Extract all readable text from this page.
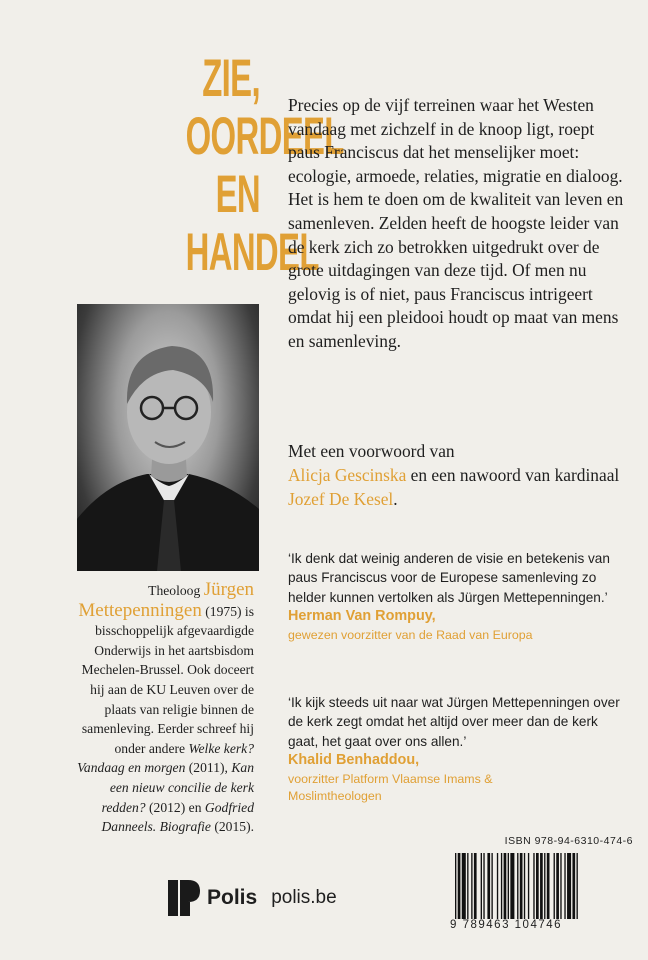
ZIE,
OORDEEL
EN
HANDEL
Theoloog Jürgen Mettepenningen (1975) is bisschoppelijk afgevaardigde Onderwijs in het aartsbisdom Mechelen-Brussel. Ook doceert hij aan de KU Leuven over de plaats van religie binnen de samenleving. Eerder schreef hij onder andere Welke kerk? Vandaag en morgen (2011), Kan een nieuw concilie de kerk redden? (2012) en Godfried Danneels. Biografie (2015).
Precies op de vijf terreinen waar het Westen vandaag met zichzelf in de knoop ligt, roept paus Franciscus dat het menselijker moet: ecologie, armoede, relaties, migratie en dialoog. Het is hem te doen om de kwaliteit van leven en samenleven. Zelden heeft de hoogste leider van de kerk zich zo betrokken uitgedrukt over de grote uitdagingen van deze tijd. Of men nu gelovig is of niet, paus Franciscus intrigeert omdat hij een pleidooi houdt op maat van mens en samenleving.
Met een voorwoord van
Alicja Gescinska en een nawoord van kardinaal Jozef De Kesel.
‘Ik denk dat weinig anderen de visie en betekenis van paus Franciscus voor de Europese samenleving zo helder kunnen vertolken als Jürgen Mettepenningen.’
Herman Van Rompuy,
gewezen voorzitter van de Raad van Europa
‘Ik kijk steeds uit naar wat Jürgen Mettepenningen over de kerk zegt omdat het altijd over meer dan de kerk gaat, het gaat over ons allen.’
Khalid Benhaddou,
voorzitter Platform Vlaamse Imams & Moslimtheologen
ISBN 978-94-6310-474-6
9 789463 104746
Polis polis.be
